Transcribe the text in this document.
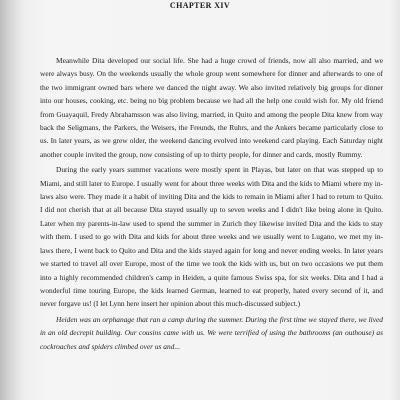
CHAPTER XIV

Meanwhile Dita developed our social life. She had a huge crowd of friends, now all also married, and we were always busy. On the weekends usually the whole group went somewhere for dinner and afterwards to one of the two immigrant owned bars where we danced the night away. We also invited relatively big groups for dinner into our houses, cooking, etc. being no big problem because we had all the help one could wish for. My old friend from Guayaquil, Fredy Abrahamsson was also living, married, in Quito and among the people Dita knew from way back the Seligmans, the Parkers, the Weisers, the Freunds, the Ruhrs, and the Ankers became particularly close to us. In later years, as we grew older, the weekend dancing evolved into weekend card playing. Each Saturday night another couple invited the group, now consisting of up to thirty people, for dinner and cards, mostly Rummy.

During the early years summer vacations were mostly spent in Playas, but later on that was stepped up to Miami, and still later to Europe. I usually went for about three weeks with Dita and the kids to Miami where my in-laws also were. They made it a habit of inviting Dita and the kids to remain in Miami after I had to return to Quito. I did not cherish that at all because Dita stayed usually up to seven weeks and I didn't like being alone in Quito. Later when my parents-in-law used to spend the summer in Zurich they likewise invited Dita and the kids to stay with them. I used to go with Dita and kids for about three weeks and we usually went to Lugano, we met my in-laws there, I went back to Quito and Dita and the kids stayed again for long and never ending weeks. In later years we started to travel all over Europe, most of the time we took the kids with us, but on two occasions we put them into a highly recommended children's camp in Heiden, a quite famous Swiss spa, for six weeks. Dita and I had a wonderful time touring Europe, the kids learned German, learned to eat properly, hated every second of it, and never forgave us! (I let Lynn here insert her opinion about this much-discussed subject.)

Heiden was an orphanage that ran a camp during the summer. During the first time we stayed there, we lived in an old decrepit building. Our cousins came with us. We were terrified of using the bathrooms (an outhouse) as cockroaches and spiders climbed over us and...
